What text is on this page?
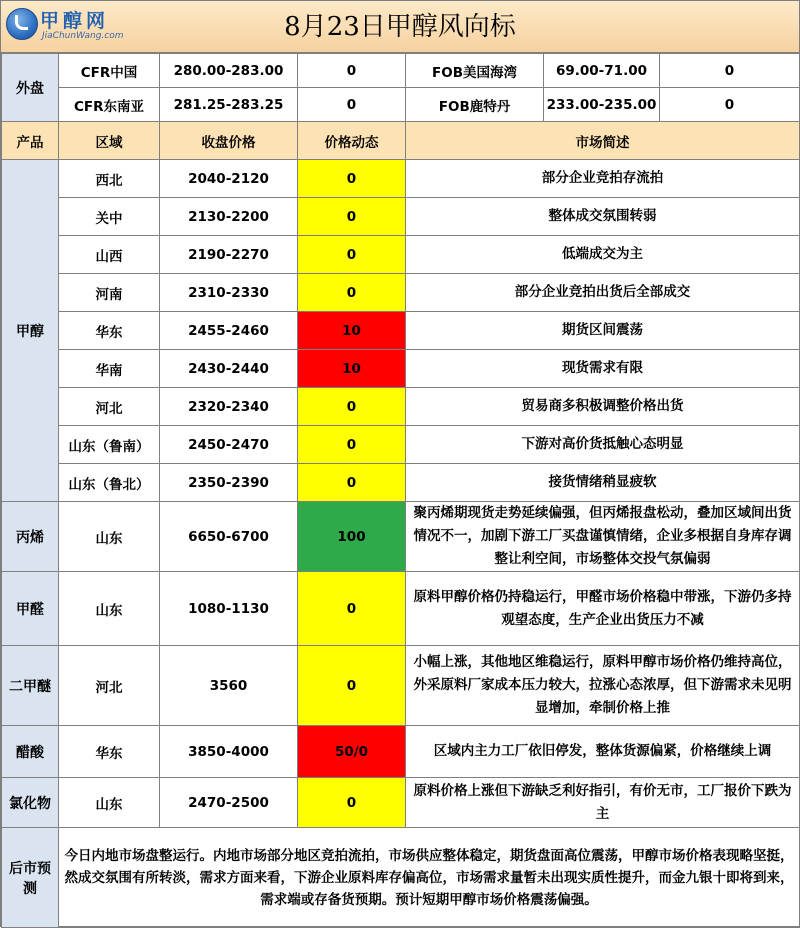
甲醇网
JiaChunWang.com	8月23日甲醇风向标
外盘	CFR中国	280.00-283.00	0	FOB美国海湾	69.00-71.00	0
	CFR东南亚	281.25-283.25	0	FOB鹿特丹	233.00-235.00	0
产品	区域	收盘价格	价格动态	市场简述		
甲醇	西北	2040-2120	0	部分企业竞拍存流拍		
	关中	2130-2200	0	整体成交氛围转弱		
	山西	2190-2270	0	低端成交为主		
	河南	2310-2330	0	部分企业竞拍出货后全部成交		
	华东	2455-2460	10	期货区间震荡		
	华南	2430-2440	10	现货需求有限		
	河北	2320-2340	0	贸易商多积极调整价格出货		
	山东（鲁南）	2450-2470	0	下游对高价货抵触心态明显		
	山东（鲁北）	2350-2390	0	接货情绪稍显疲软		
丙烯	山东	6650-6700	100	聚丙烯期现货走势延续偏强，但丙烯报盘松动，叠加区域间出货情况不一，加剧下游工厂买盘谨慎情绪，企业多根据自身库存调整让利空间，市场整体交投气氛偏弱		
甲醛	山东	1080-1130	0	原料甲醇价格仍持稳运行，甲醛市场价格稳中带涨，下游仍多持观望态度，生产企业出货压力不减		
二甲醚	河北	3560	0	小幅上涨，其他地区维稳运行，原料甲醇市场价格仍维持高位，外采原料厂家成本压力较大，拉涨心态浓厚，但下游需求未见明显增加，牵制价格上推		
醋酸	华东	3850-4000	50/0	区域内主力工厂依旧停发，整体货源偏紧，价格继续上调		
氯化物	山东	2470-2500	0	原料价格上涨但下游缺乏利好指引，有价无市，工厂报价下跌为主		
后市预测	今日内地市场盘整运行。内地市场部分地区竞拍流拍，市场供应整体稳定，期货盘面高位震荡，甲醇市场价格表现略坚挺，然成交氛围有所转淡，需求方面来看，下游企业原料库存偏高位，市场需求量暂未出现实质性提升，而金九银十即将到来，需求端或存备货预期。预计短期甲醇市场价格震荡偏强。					
